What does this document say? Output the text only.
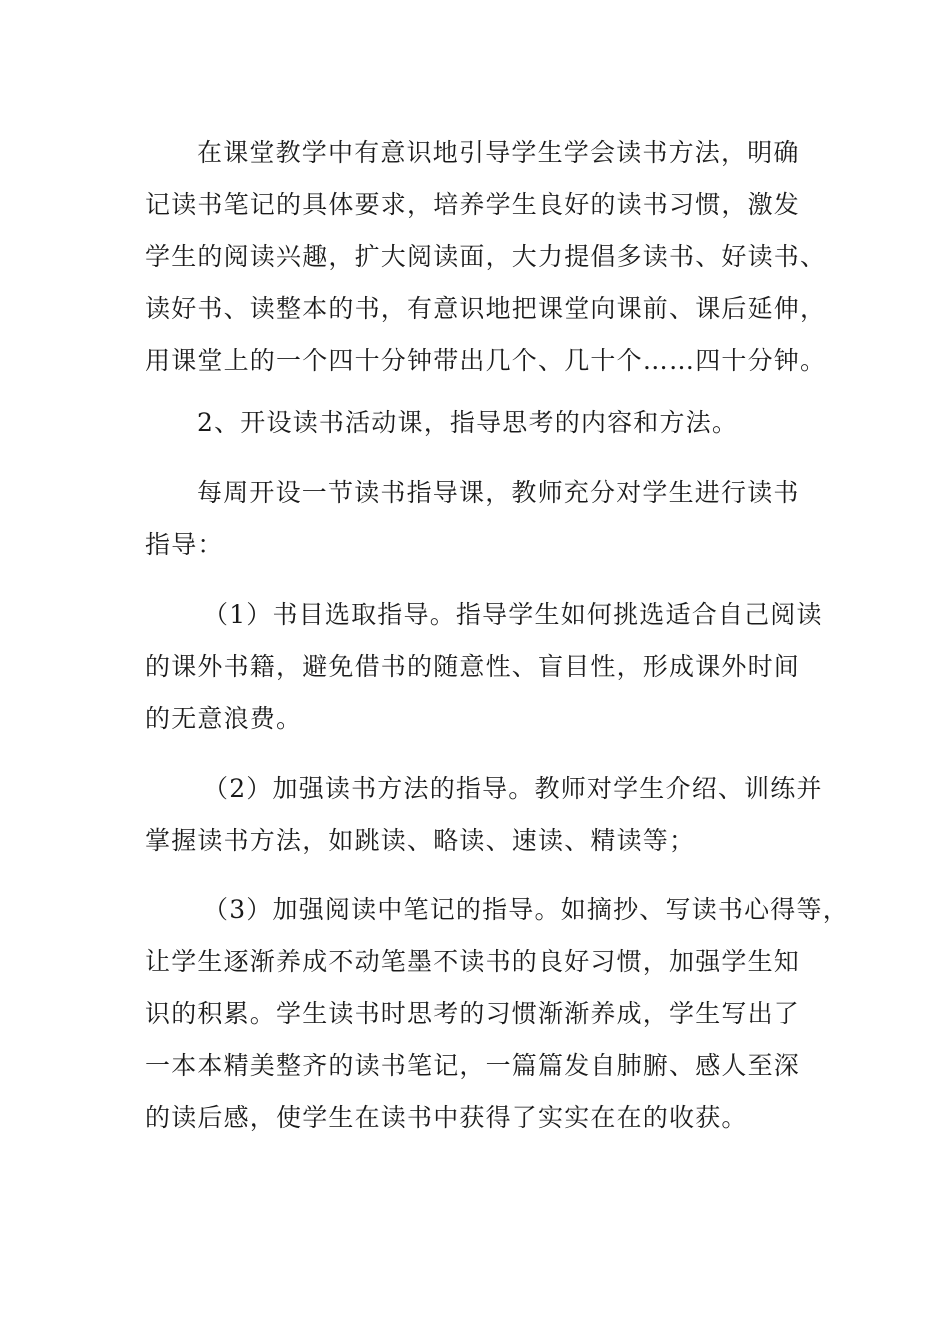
在课堂教学中有意识地引导学生学会读书方法，明确
记读书笔记的具体要求，培养学生良好的读书习惯，激发
学生的阅读兴趣，扩大阅读面，大力提倡多读书、好读书、
读好书、读整本的书，有意识地把课堂向课前、课后延伸，
用课堂上的一个四十分钟带出几个、几十个……四十分钟。
2、开设读书活动课，指导思考的内容和方法。
每周开设一节读书指导课，教师充分对学生进行读书
指导：
（1）书目选取指导。指导学生如何挑选适合自己阅读
的课外书籍，避免借书的随意性、盲目性，形成课外时间
的无意浪费。
（2）加强读书方法的指导。教师对学生介绍、训练并
掌握读书方法，如跳读、略读、速读、精读等；
（3）加强阅读中笔记的指导。如摘抄、写读书心得等，
让学生逐渐养成不动笔墨不读书的良好习惯，加强学生知
识的积累。学生读书时思考的习惯渐渐养成，学生写出了
一本本精美整齐的读书笔记，一篇篇发自肺腑、感人至深
的读后感，使学生在读书中获得了实实在在的收获。
